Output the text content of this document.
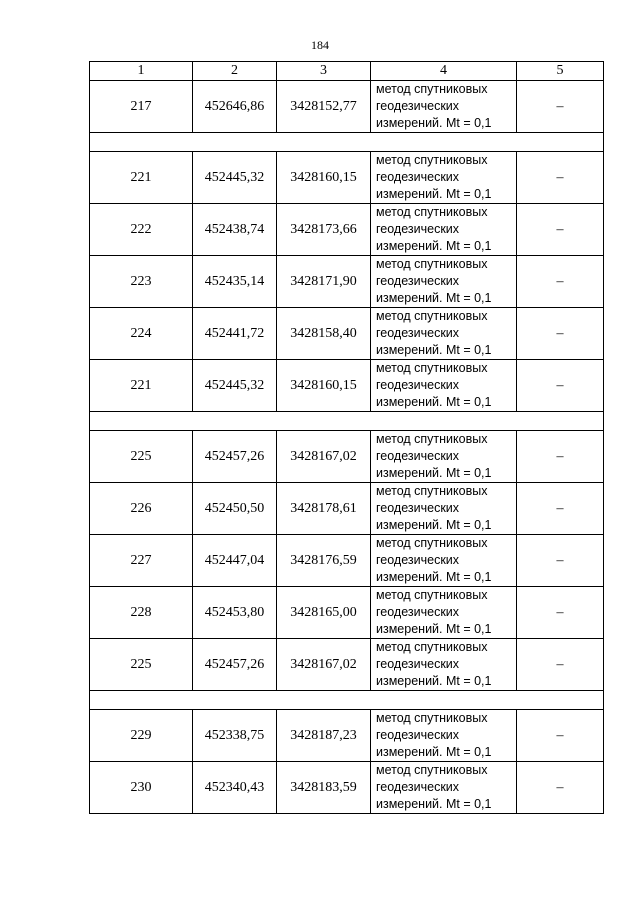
184
1	2	3	4	5
217	452646,86	3428152,77	метод спутниковых
геодезических
измерений. Mt = 0,1	–

221	452445,32	3428160,15	метод спутниковых
геодезических
измерений. Mt = 0,1	–
222	452438,74	3428173,66	метод спутниковых
геодезических
измерений. Mt = 0,1	–
223	452435,14	3428171,90	метод спутниковых
геодезических
измерений. Mt = 0,1	–
224	452441,72	3428158,40	метод спутниковых
геодезических
измерений. Mt = 0,1	–
221	452445,32	3428160,15	метод спутниковых
геодезических
измерений. Mt = 0,1	–

225	452457,26	3428167,02	метод спутниковых
геодезических
измерений. Mt = 0,1	–
226	452450,50	3428178,61	метод спутниковых
геодезических
измерений. Mt = 0,1	–
227	452447,04	3428176,59	метод спутниковых
геодезических
измерений. Mt = 0,1	–
228	452453,80	3428165,00	метод спутниковых
геодезических
измерений. Mt = 0,1	–
225	452457,26	3428167,02	метод спутниковых
геодезических
измерений. Mt = 0,1	–

229	452338,75	3428187,23	метод спутниковых
геодезических
измерений. Mt = 0,1	–
230	452340,43	3428183,59	метод спутниковых
геодезических
измерений. Mt = 0,1	–
